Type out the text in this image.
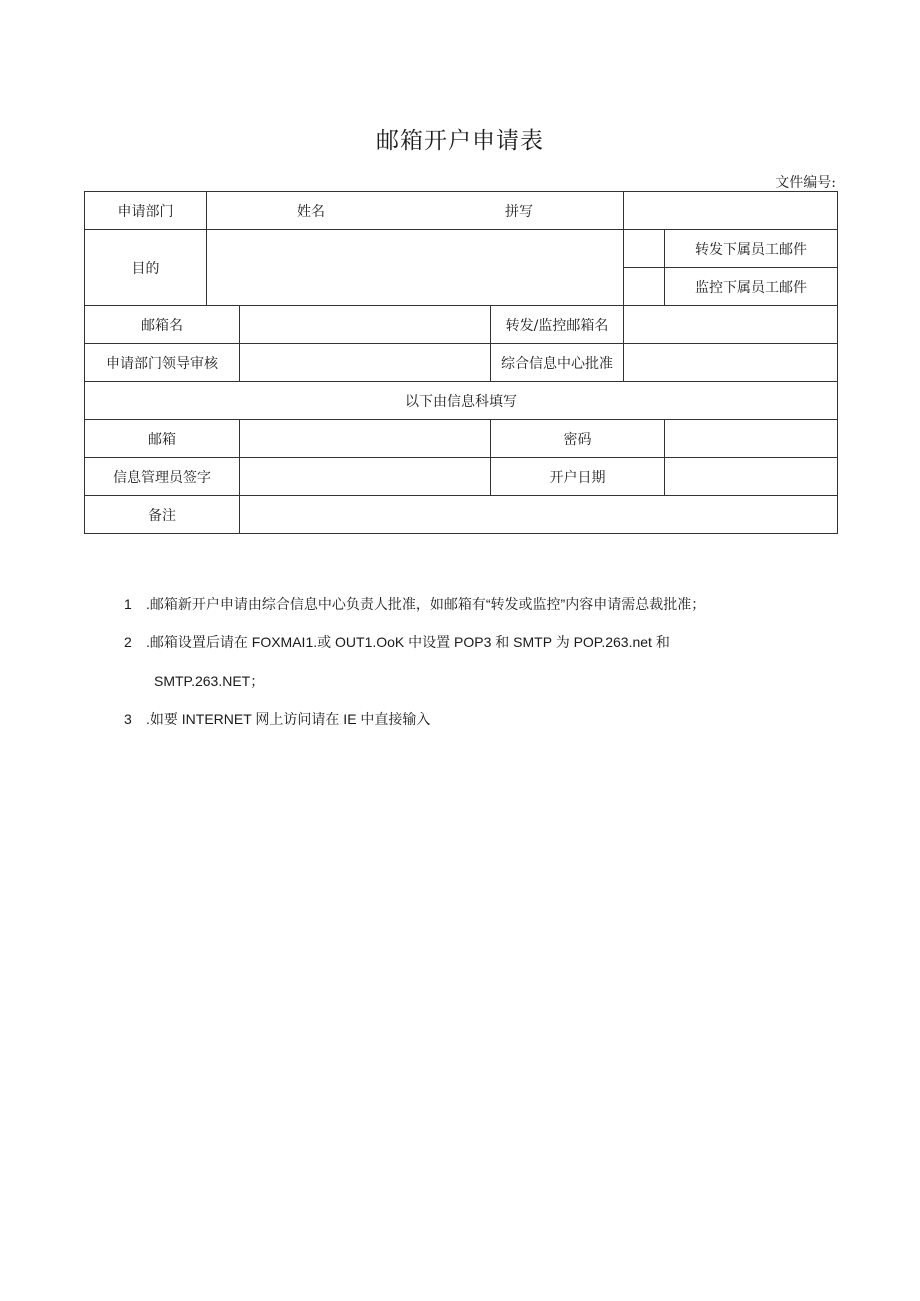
邮箱开户申请表
文件编号:
申请部门	姓名 拼写				

目的					转发下属员工邮件
					监控下属员工邮件
邮箱名			转发/监控邮箱名		
申请部门领导审核			综合信息中心批准		
以下由信息科填写					
邮箱			密码		
信息管理员签字			开户日期		
备注					
1 .邮箱新开户申请由综合信息中心负责人批准，如邮箱有“转发或监控”内容申请需总裁批准；
2 .邮箱设置后请在 FOXMAI1.或 OUT1.OoK 中设置 POP3 和 SMTP 为 POP.263.net 和
SMTP.263.NET；
3 .如要 INTERNET 网上访问请在 IE 中直接输入
